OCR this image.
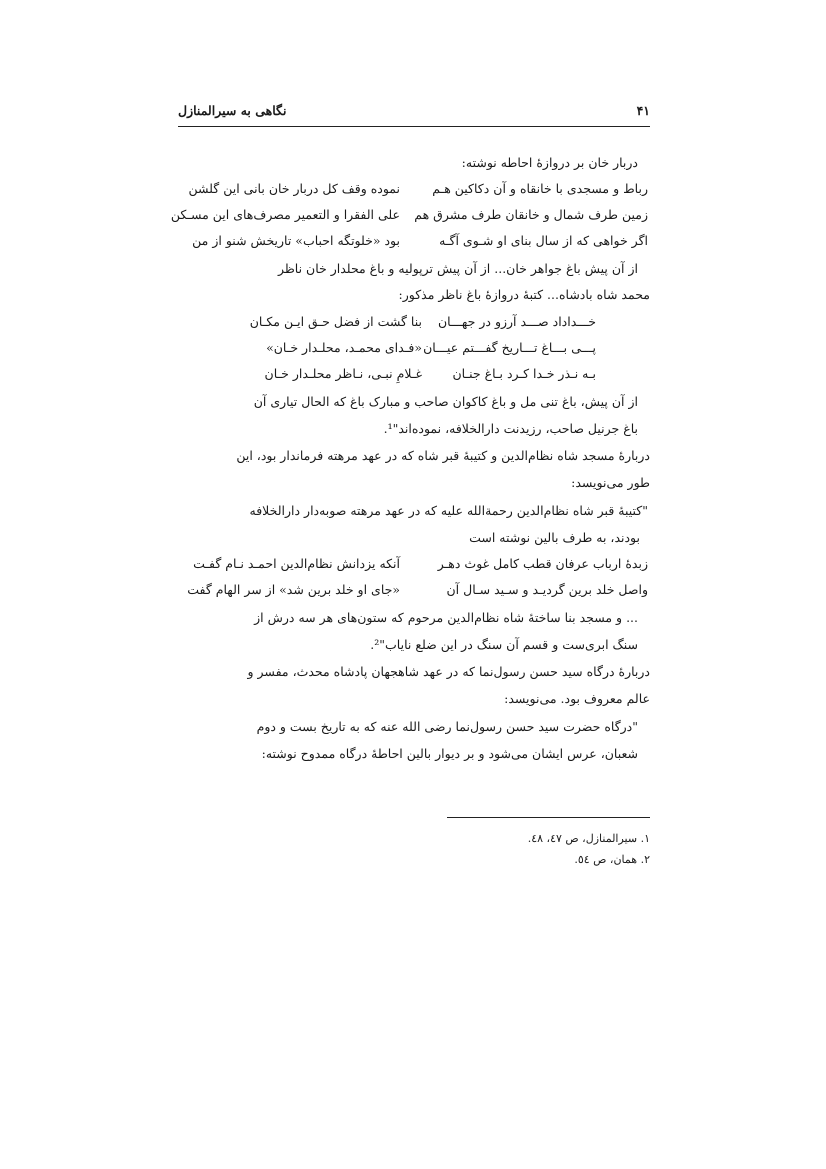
۴۱
نگاهی به سیرالمنازل
دربار خان بر دروازهٔ احاطه نوشته:
رباط و مسجدی با خانقاه و آن دکاکین هـم
نموده وقف کل دربار خان بانی این گلشن
زمین طرف شمال و خانقان طرف مشرق هم
علی الفقرا و التعمیر مصرف‌های این مسـکن
اگر خواهی که از سال بنای او شـوی آگـه
بود «خلوتگه احباب» تاریخش شنو از من
از آن پیش باغ جواهر خان... از آن پیش ترپولیه و باغ محلدار خان ناظر
محمد شاه بادشاه... کتبهٔ دروازهٔ باغ ناظر مذکور:
خـــداداد صـــد آرزو در جهـــان
بنا گشت از فضل حـق ایـن مکـان
پـــی بـــاغ تـــاریخ گفـــتم عیـــان
«فـدای محمـد، محلـدار خـان»
بـه نـذر خـدا کـرد بـاغ جنـان
غـلامِ نبـی، نـاظر محلـدار خـان
از آن پیش، باغ تنی مل و باغ کاکوان صاحب و مبارک باغ که الحال تیاری آن
باغ جرنیل صاحب، رزیدنت دارالخلافه، نموده‌اند"¹.
دربارهٔ مسجد شاه نظام‌الدین و کتیبهٔ قبر شاه که در عهد مرهته فرماندار بود، این
طور می‌نویسد:
"کتیبهٔ قبر شاه نظام‌الدین رحمة‌الله علیه که در عهد مرهته صوبه‌دار دارالخلافه
بودند، به طرف بالین نوشته است
زبدهٔ ارباب عرفان قطب کامل غوث دهـر
آنکه یزدانش نظام‌الدین احمـد نـام گفـت
واصل خلد برین گردیـد و سـید سـال آن
«جای او خلد برین شد» از سر الهام گفت
... و مسجد بنا ساختهٔ شاه نظام‌الدین مرحوم که ستون‌های هر سه درش از
سنگ ابری‌ست و قسم آن سنگ در این ضلع نایاب"².
دربارهٔ درگاه سید حسن رسول‌نما که در عهد شاهجهان پادشاه محدث، مفسر و
عالم معروف بود. می‌نویسد:
"درگاه حضرت سید حسن رسول‌نما رضی الله عنه که به تاریخ بست و دوم
شعبان، عرس ایشان می‌شود و بر دیوار بالین احاطهٔ درگاه ممدوح نوشته:
۱. سیرالمنازل، ص ٤٧، ٤٨.
۲. همان، ص ٥٤.
